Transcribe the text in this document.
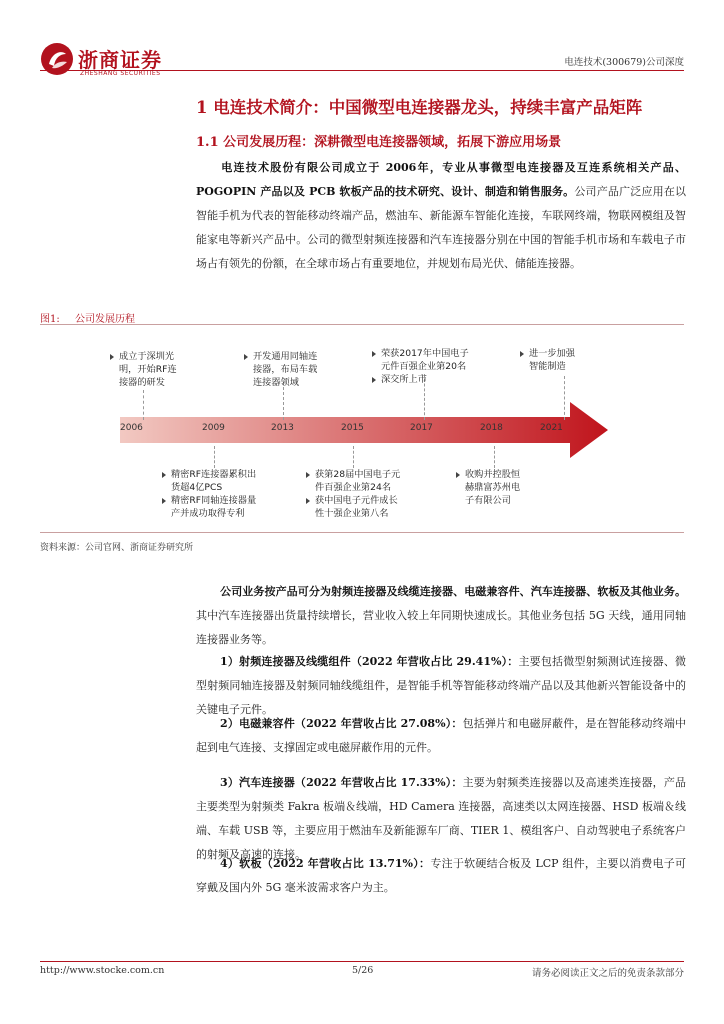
浙商证券
ZHESHANG SECURITIES
电连技术(300679)公司深度
1 电连技术简介：中国微型电连接器龙头，持续丰富产品矩阵
1.1 公司发展历程：深耕微型电连接器领域，拓展下游应用场景
电连技术股份有限公司成立于 2006年，专业从事微型电连接器及互连系统相关产品、POGOPIN 产品以及 PCB 软板产品的技术研究、设计、制造和销售服务。公司产品广泛应用在以智能手机为代表的智能移动终端产品，燃油车、新能源车智能化连接，车联网终端，物联网模组及智能家电等新兴产品中。公司的微型射频连接器和汽车连接器分别在中国的智能手机市场和车载电子市场占有领先的份额，在全球市场占有重要地位，并规划布局光伏、储能连接器。
图1: 公司发展历程
2006	2009	2013	2015	2017	2018	2021
成立于深圳光
明，开始RF连
接器的研发
开发通用同轴连
接器，布局车载
连接器领域
荣获2017年中国电子
元件百强企业第20名
深交所上市
进一步加强
智能制造
精密RF连接器累积出
货超4亿PCS
精密RF同轴连接器量
产并成功取得专利
获第28届中国电子元
件百强企业第24名
获中国电子元件成长
性十强企业第八名
收购并控股恒
赫鼎富苏州电
子有限公司
资料来源：公司官网、浙商证券研究所
公司业务按产品可分为射频连接器及线缆连接器、电磁兼容件、汽车连接器、软板及其他业务。其中汽车连接器出货量持续增长，营业收入较上年同期快速成长。其他业务包括 5G 天线，通用同轴连接器业务等。
1）射频连接器及线缆组件（2022 年营收占比 29.41%）：主要包括微型射频测试连接器、微型射频同轴连接器及射频同轴线缆组件，是智能手机等智能移动终端产品以及其他新兴智能设备中的关键电子元件。
2）电磁兼容件（2022 年营收占比 27.08%）：包括弹片和电磁屏蔽件，是在智能移动终端中起到电气连接、支撑固定或电磁屏蔽作用的元件。
3）汽车连接器（2022 年营收占比 17.33%）：主要为射频类连接器以及高速类连接器，产品主要类型为射频类 Fakra 板端＆线端，HD Camera 连接器，高速类以太网连接器、HSD 板端＆线端、车载 USB 等，主要应用于燃油车及新能源车厂商、TIER 1、模组客户、自动驾驶电子系统客户的射频及高速的连接。
4）软板（2022 年营收占比 13.71%）：专注于软硬结合板及 LCP 组件，主要以消费电子可穿戴及国内外 5G 毫米波需求客户为主。
http://www.stocke.com.cn	5/26	请务必阅读正文之后的免责条款部分
